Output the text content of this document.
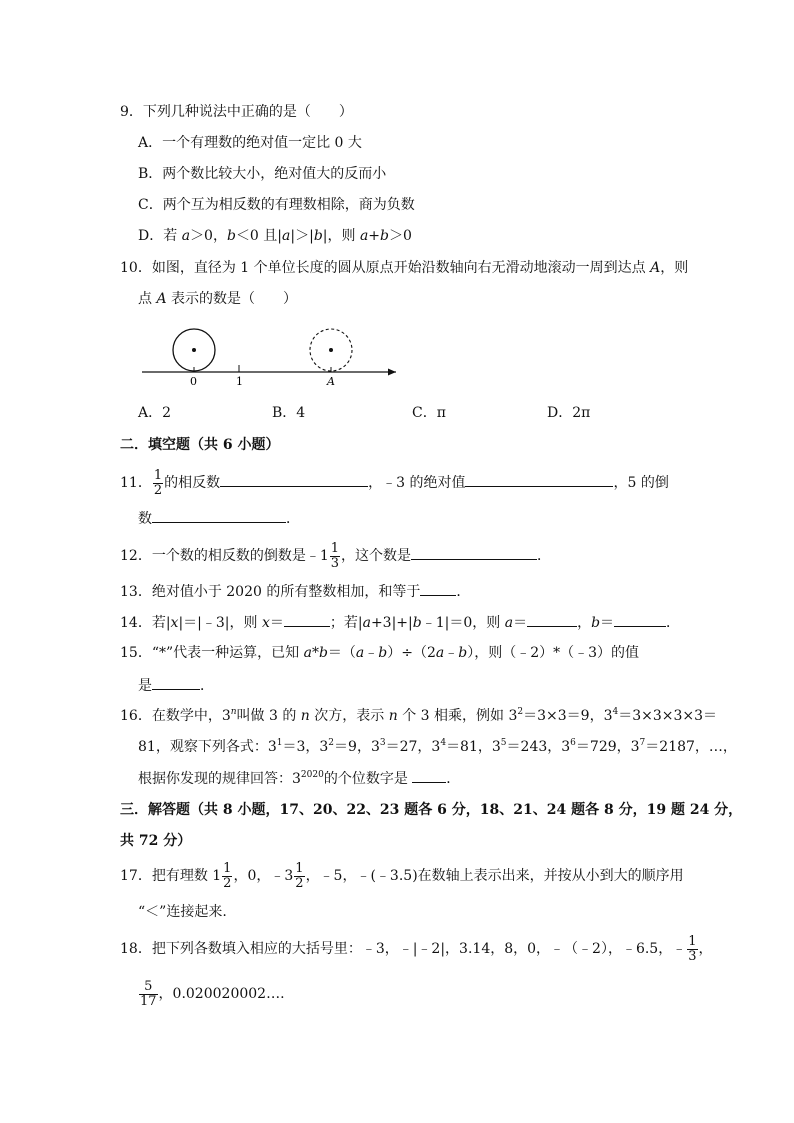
9．下列几种说法中正确的是（　　）
A．一个有理数的绝对值一定比 0 大
B．两个数比较大小，绝对值大的反而小
C．两个互为相反数的有理数相除，商为负数
D．若 a＞0，b＜0 且|a|＞|b|，则 a+b＞0
10．如图，直径为 1 个单位长度的圆从原点开始沿数轴向右无滑动地滚动一周到达点 A，则
点 A 表示的数是（　　）
0	1	A
A．2	B．4	C．π	D．2π
二．填空题（共 6 小题）
11． $\frac{1}{2}$ 的相反数	，﹣3 的绝对值	，5 的倒
数	．
12．一个数的相反数的倒数是﹣1 $\frac{1}{3}$ ，这个数是	．
13．绝对值小于 2020 的所有整数相加，和等于	．
14．若|x|＝|﹣3|，则 x＝	；若|a+3|+|b﹣1|＝0，则 a＝	，b＝	．
15．“*”代表一种运算，已知 a*b＝（a﹣b）÷（2a﹣b），则（﹣2）*（﹣3）的值
是	．
16．在数学中，3$^n$叫做 3 的 n 次方，表示 n 个 3 相乘，例如 $3^2=3\times 3=9$，$3^4=3\times 3\times 3\times 3=$
81，观察下列各式：$3^1=3$，$3^2=9$，$3^3=27$，$3^4=81$，$3^5=243$，$3^6=729$，$3^7=2187$，…，
根据你发现的规律回答：$3^{2020}$的个位数字是 ．
三．解答题（共 8 小题，17、20、22、23 题各 6 分，18、21、24 题各 8 分，19 题 24 分，
共 72 分）
17．把有理数 $1 \frac{1}{2}$ ，0，﹣3 $\frac{1}{2}$ ，﹣5，﹣(﹣3.5)在数轴上表示出来，并按从小到大的顺序用
“＜”连接起来.
18．把下列各数填入相应的大括号里：﹣3，﹣|﹣2|，3.14，8，0，﹣（﹣2），﹣6.5，﹣ $\frac{1}{3}$ ，
$\frac{5}{17}$ ，0.020020002….
